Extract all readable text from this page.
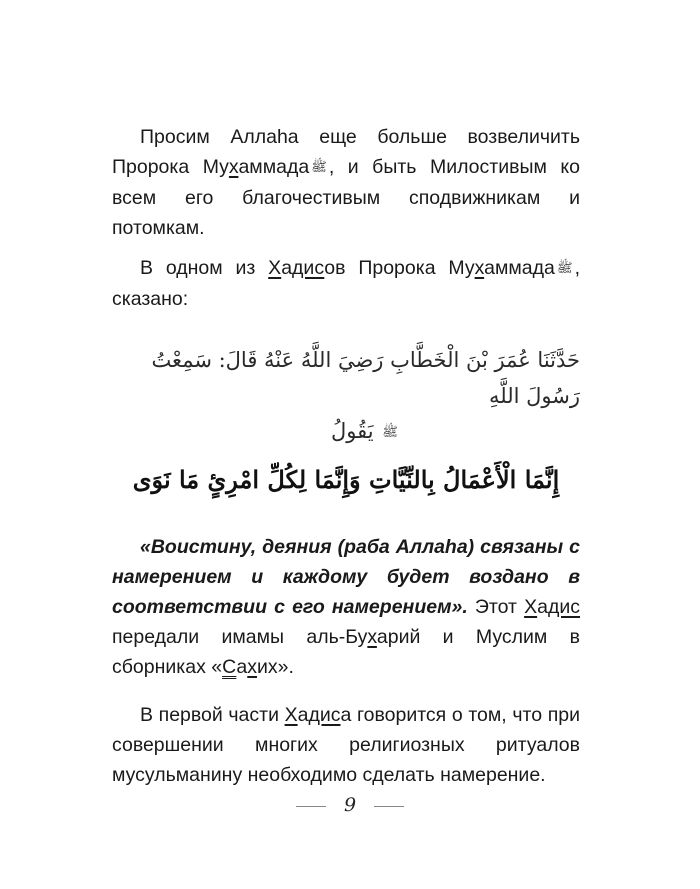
Просим Аллаhа еще больше возвеличить Пророка Мухаммада ﷺ , и быть Милостивым ко всем его благочестивым сподвижникам и потомкам.

В одном из Хадисов Пророка Мухаммада ﷺ , сказано:

حَدَّثَنَا عُمَرَ بْنَ الْخَطَّابِ رَضِيَ اللَّهُ عَنْهُ قَالَ: سَمِعْتُ رَسُولَ اللَّهِ

ﷺ يَقُولُ

إِنَّمَا الْأَعْمَالُ بِالنِّيَّاتِ وَإِنَّمَا لِكُلِّ امْرِئٍ مَا نَوَى

«Воистину, деяния (раба Аллаhа) связаны с намерением и каждому будет воздано в соответствии с его намерением». Этот Хадис передали имамы аль-Бухарий и Муслим в сборниках «Сахих».

В первой части Хадиса говорится о том, что при совершении многих религиозных ритуалов мусульманину необходимо сделать намерение.

9
